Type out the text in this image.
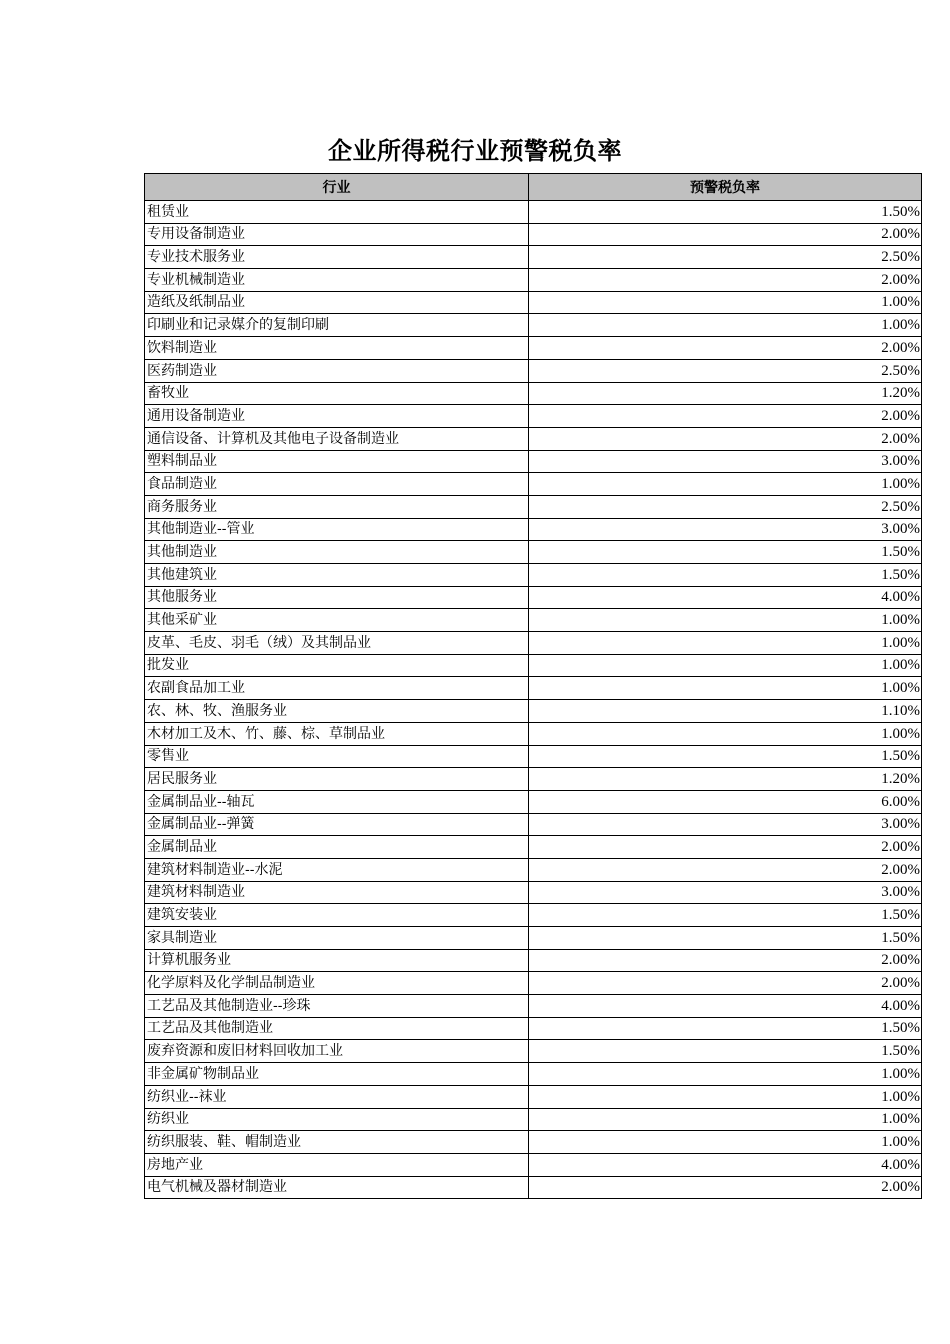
企业所得税行业预警税负率
行业	预警税负率
租赁业	1.50%
专用设备制造业	2.00%
专业技术服务业	2.50%
专业机械制造业	2.00%
造纸及纸制品业	1.00%
印刷业和记录媒介的复制印刷	1.00%
饮料制造业	2.00%
医药制造业	2.50%
畜牧业	1.20%
通用设备制造业	2.00%
通信设备、计算机及其他电子设备制造业	2.00%
塑料制品业	3.00%
食品制造业	1.00%
商务服务业	2.50%
其他制造业--管业	3.00%
其他制造业	1.50%
其他建筑业	1.50%
其他服务业	4.00%
其他采矿业	1.00%
皮革、毛皮、羽毛（绒）及其制品业	1.00%
批发业	1.00%
农副食品加工业	1.00%
农、林、牧、渔服务业	1.10%
木材加工及木、竹、藤、棕、草制品业	1.00%
零售业	1.50%
居民服务业	1.20%
金属制品业--轴瓦	6.00%
金属制品业--弹簧	3.00%
金属制品业	2.00%
建筑材料制造业--水泥	2.00%
建筑材料制造业	3.00%
建筑安装业	1.50%
家具制造业	1.50%
计算机服务业	2.00%
化学原料及化学制品制造业	2.00%
工艺品及其他制造业--珍珠	4.00%
工艺品及其他制造业	1.50%
废弃资源和废旧材料回收加工业	1.50%
非金属矿物制品业	1.00%
纺织业--袜业	1.00%
纺织业	1.00%
纺织服装、鞋、帽制造业	1.00%
房地产业	4.00%
电气机械及器材制造业	2.00%
